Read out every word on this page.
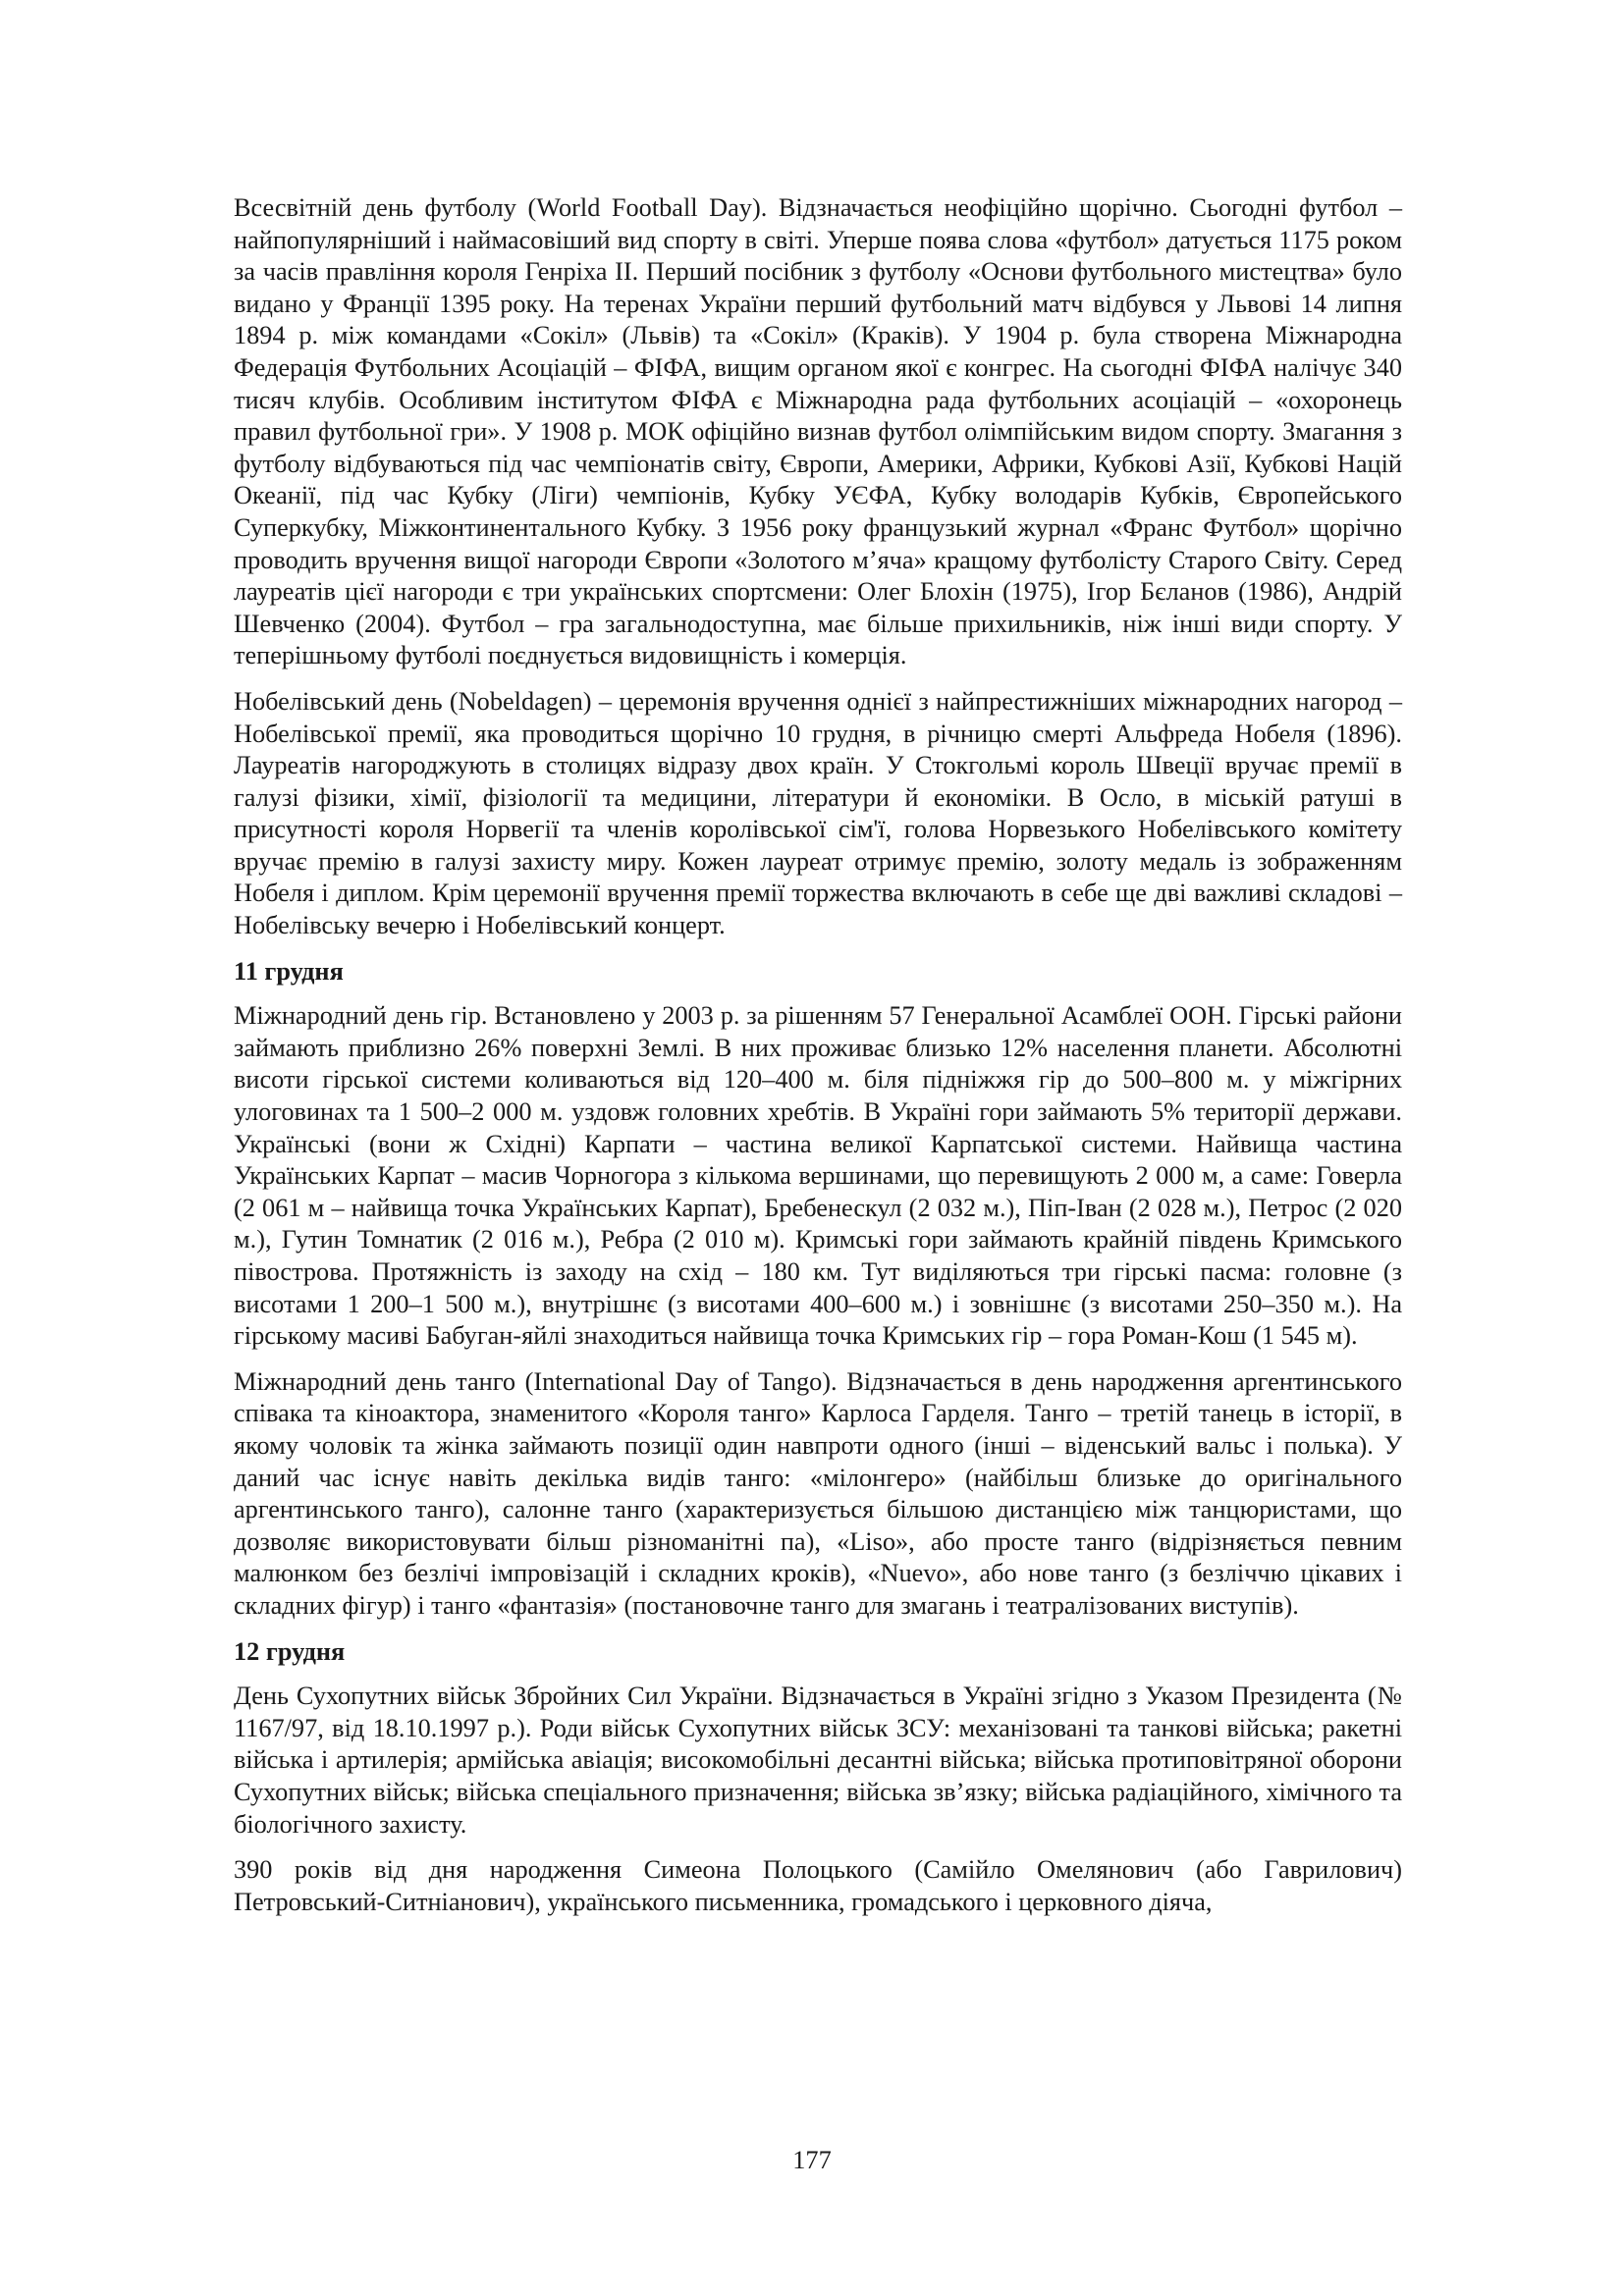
Всесвітній день футболу (World Football Day). Відзначається неофіційно щорічно. Сьогодні футбол – найпопулярніший і наймасовіший вид спорту в світі. Уперше поява слова «футбол» датується 1175 роком за часів правління короля Генріха ІІ. Перший посібник з футболу «Основи футбольного мистецтва» було видано у Франції 1395 року. На теренах України перший футбольний матч відбувся у Львові 14 липня 1894 р. між командами «Сокіл» (Львів) та «Сокіл» (Краків). У 1904 р. була створена Міжнародна Федерація Футбольних Асоціацій – ФІФА, вищим органом якої є конгрес. На сьогодні ФІФА налічує 340 тисяч клубів. Особливим інститутом ФІФА є Міжнародна рада футбольних асоціацій – «охоронець правил футбольної гри». У 1908 р. МОК офіційно визнав футбол олімпійським видом спорту. Змагання з футболу відбуваються під час чемпіонатів світу, Європи, Америки, Африки, Кубкові Азії, Кубкові Націй Океанії, під час Кубку (Ліги) чемпіонів, Кубку УЄФА, Кубку володарів Кубків, Європейського Суперкубку, Міжконтинентального Кубку. З 1956 року французький журнал «Франс Футбол» щорічно проводить вручення вищої нагороди Європи «Золотого м’яча» кращому футболісту Старого Світу. Серед лауреатів цієї нагороди є три українських спортсмени: Олег Блохін (1975), Ігор Бєланов (1986), Андрій Шевченко (2004). Футбол – гра загальнодоступна, має більше прихильників, ніж інші види спорту. У теперішньому футболі поєднується видовищність і комерція.

Нобелівський день (Nobeldagen) – церемонія вручення однієї з найпрестижніших міжнародних нагород – Нобелівської премії, яка проводиться щорічно 10 грудня, в річницю смерті Альфреда Нобеля (1896). Лауреатів нагороджують в столицях відразу двох країн. У Стокгольмі король Швеції вручає премії в галузі фізики, хімії, фізіології та медицини, літератури й економіки. В Осло, в міській ратуші в присутності короля Норвегії та членів королівської сім'ї, голова Норвезького Нобелівського комітету вручає премію в галузі захисту миру. Кожен лауреат отримує премію, золоту медаль із зображенням Нобеля і диплом. Крім церемонії вручення премії торжества включають в себе ще дві важливі складові – Нобелівську вечерю і Нобелівський концерт.

11 грудня

Міжнародний день гір. Встановлено у 2003 р. за рішенням 57 Генеральної Асамблеї ООН. Гірські райони займають приблизно 26% поверхні Землі. В них проживає близько 12% населення планети. Абсолютні висоти гірської системи коливаються від 120–400 м. біля підніжжя гір до 500–800 м. у міжгірних улоговинах та 1 500–2 000 м. уздовж головних хребтів. В Україні гори займають 5% території держави. Українські (вони ж Східні) Карпати – частина великої Карпатської системи. Найвища частина Українських Карпат – масив Чорногора з кількома вершинами, що перевищують 2 000 м, а саме: Говерла (2 061 м – найвища точка Українських Карпат), Бребенескул (2 032 м.), Піп-Іван (2 028 м.), Петрос (2 020 м.), Гутин Томнатик (2 016 м.), Ребра (2 010 м). Кримські гори займають крайній південь Кримського півострова. Протяжність із заходу на схід – 180 км. Тут виділяються три гірські пасма: головне (з висотами 1 200–1 500 м.), внутрішнє (з висотами 400–600 м.) і зовнішнє (з висотами 250–350 м.). На гірському масиві Бабуган-яйлі знаходиться найвища точка Кримських гір – гора Роман-Кош (1 545 м).

Міжнародний день танго (International Day of Tango). Відзначається в день народження аргентинського співака та кіноактора, знаменитого «Короля танго» Карлоса Гарделя. Танго – третій танець в історії, в якому чоловік та жінка займають позиції один навпроти одного (інші – віденський вальс і полька). У даний час існує навіть декілька видів танго: «мілонгеро» (найбільш близьке до оригінального аргентинського танго), салонне танго (характеризується більшою дистанцією між танцюристами, що дозволяє використовувати більш різноманітні па), «Liso», або просте танго (відрізняється певним малюнком без безлічі імпровізацій і складних кроків), «Nuevo», або нове танго (з безліччю цікавих і складних фігур) і танго «фантазія» (постановочне танго для змагань і театралізованих виступів).

12 грудня

День Сухопутних військ Збройних Сил України. Відзначається в Україні згідно з Указом Президента (№ 1167/97, від 18.10.1997 р.). Роди військ Сухопутних військ ЗСУ: механізовані та танкові війська; ракетні війська і артилерія; армійська авіація; високомобільні десантні війська; війська протиповітряної оборони Сухопутних військ; війська спеціального призначення; війська зв’язку; війська радіаційного, хімічного та біологічного захисту.

390 років від дня народження Симеона Полоцького (Самійло Омелянович (або Гаврилович) Петровський-Ситніанович), українського письменника, громадського і церковного діяча,

177
